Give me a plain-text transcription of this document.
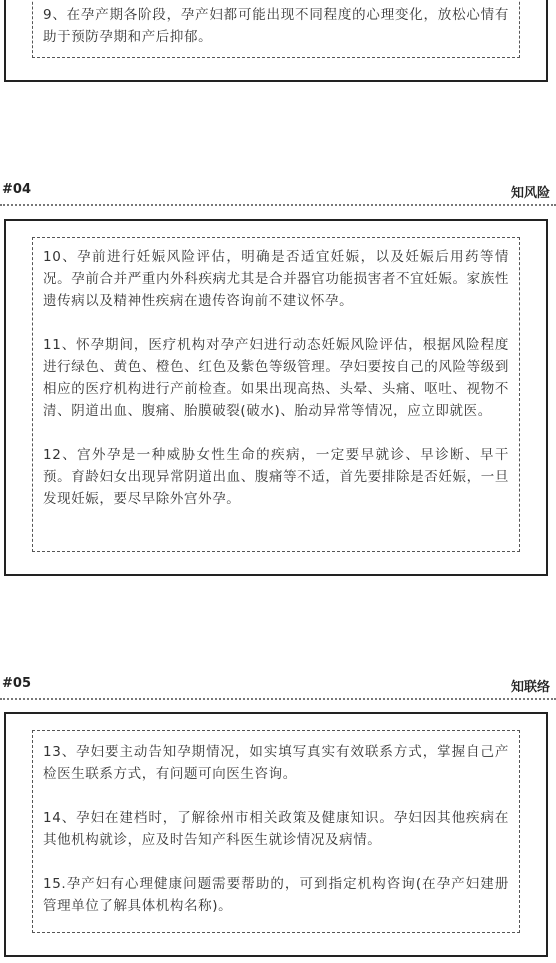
9、在孕产期各阶段，孕产妇都可能出现不同程度的心理变化，放松心情有助于预防孕期和产后抑郁。

#04	知风险

10、孕前进行妊娠风险评估，明确是否适宜妊娠，以及妊娠后用药等情况。孕前合并严重内外科疾病尤其是合并器官功能损害者不宜妊娠。家族性遗传病以及精神性疾病在遗传咨询前不建议怀孕。

11、怀孕期间，医疗机构对孕产妇进行动态妊娠风险评估，根据风险程度进行绿色、黄色、橙色、红色及紫色等级管理。孕妇要按自己的风险等级到相应的医疗机构进行产前检查。如果出现高热、头晕、头痛、呕吐、视物不清、阴道出血、腹痛、胎膜破裂(破水)、胎动异常等情况，应立即就医。

12、宫外孕是一种威胁女性生命的疾病，一定要早就诊、早诊断、早干预。育龄妇女出现异常阴道出血、腹痛等不适，首先要排除是否妊娠，一旦发现妊娠，要尽早除外宫外孕。

#05	知联络

13、孕妇要主动告知孕期情况，如实填写真实有效联系方式，掌握自己产检医生联系方式，有问题可向医生咨询。

14、孕妇在建档时，了解徐州市相关政策及健康知识。孕妇因其他疾病在其他机构就诊，应及时告知产科医生就诊情况及病情。

15.孕产妇有心理健康问题需要帮助的，可到指定机构咨询(在孕产妇建册管理单位了解具体机构名称)。
